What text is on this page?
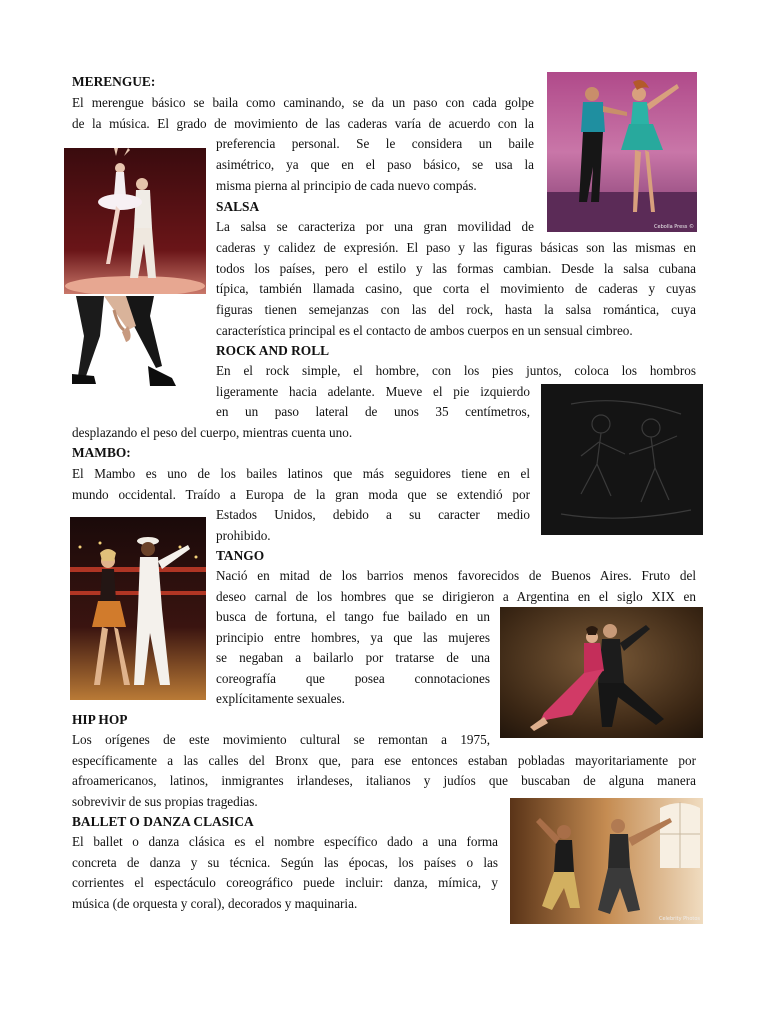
MERENGUE:
El merengue básico se baila como caminando, se da un paso con cada golpe
de la música. El grado de movimiento de las caderas varía de acuerdo con la
preferencia personal. Se le considera un baile
asimétrico, ya que en el paso básico, se usa la
misma pierna al principio de cada nuevo compás.
SALSA
La salsa se caracteriza por una gran movilidad de
caderas y calidez de expresión. El paso y las figuras básicas son las mismas en
todos los países, pero el estilo y las formas cambian. Desde la salsa cubana
típica, también llamada casino, que corta el movimiento de caderas y cuyas
figuras tienen semejanzas con las del rock, hasta la salsa romántica, cuya
característica principal es el contacto de ambos cuerpos en un sensual cimbreo.
ROCK AND ROLL
En el rock simple, el hombre, con los pies juntos, coloca los hombros
ligeramente hacia adelante. Mueve el pie izquierdo
en un paso lateral de unos 35 centímetros,
desplazando el peso del cuerpo, mientras cuenta uno.
MAMBO:
El Mambo es uno de los bailes latinos que más seguidores tiene en el
mundo occidental. Traído a Europa de la gran moda que se extendió por
Estados Unidos, debido a su caracter medio
prohibido.
TANGO
Nació en mitad de los barrios menos favorecidos de Buenos Aires. Fruto del
deseo carnal de los hombres que se dirigieron a Argentina en el siglo XIX en
busca de fortuna, el tango fue bailado en un
principio entre hombres, ya que las mujeres
se negaban a bailarlo por tratarse de una
coreografía que posea connotaciones
explícitamente sexuales.
HIP HOP
Los orígenes de este movimiento cultural se remontan a 1975,
específicamente a las calles del Bronx que, para ese entonces estaban pobladas mayoritariamente por
afroamericanos, latinos, inmigrantes irlandeses, italianos y judíos que buscaban de alguna manera
sobrevivir de sus propias tragedias.
BALLET O DANZA CLASICA
El ballet o danza clásica es el nombre específico dado a una forma
concreta de danza y su técnica. Según las épocas, los países o las
corrientes el espectáculo coreográfico puede incluir: danza, mímica, y
música (de orquesta y coral), decorados y maquinaria.
Cebolla Press ©
Celebrity Photos
